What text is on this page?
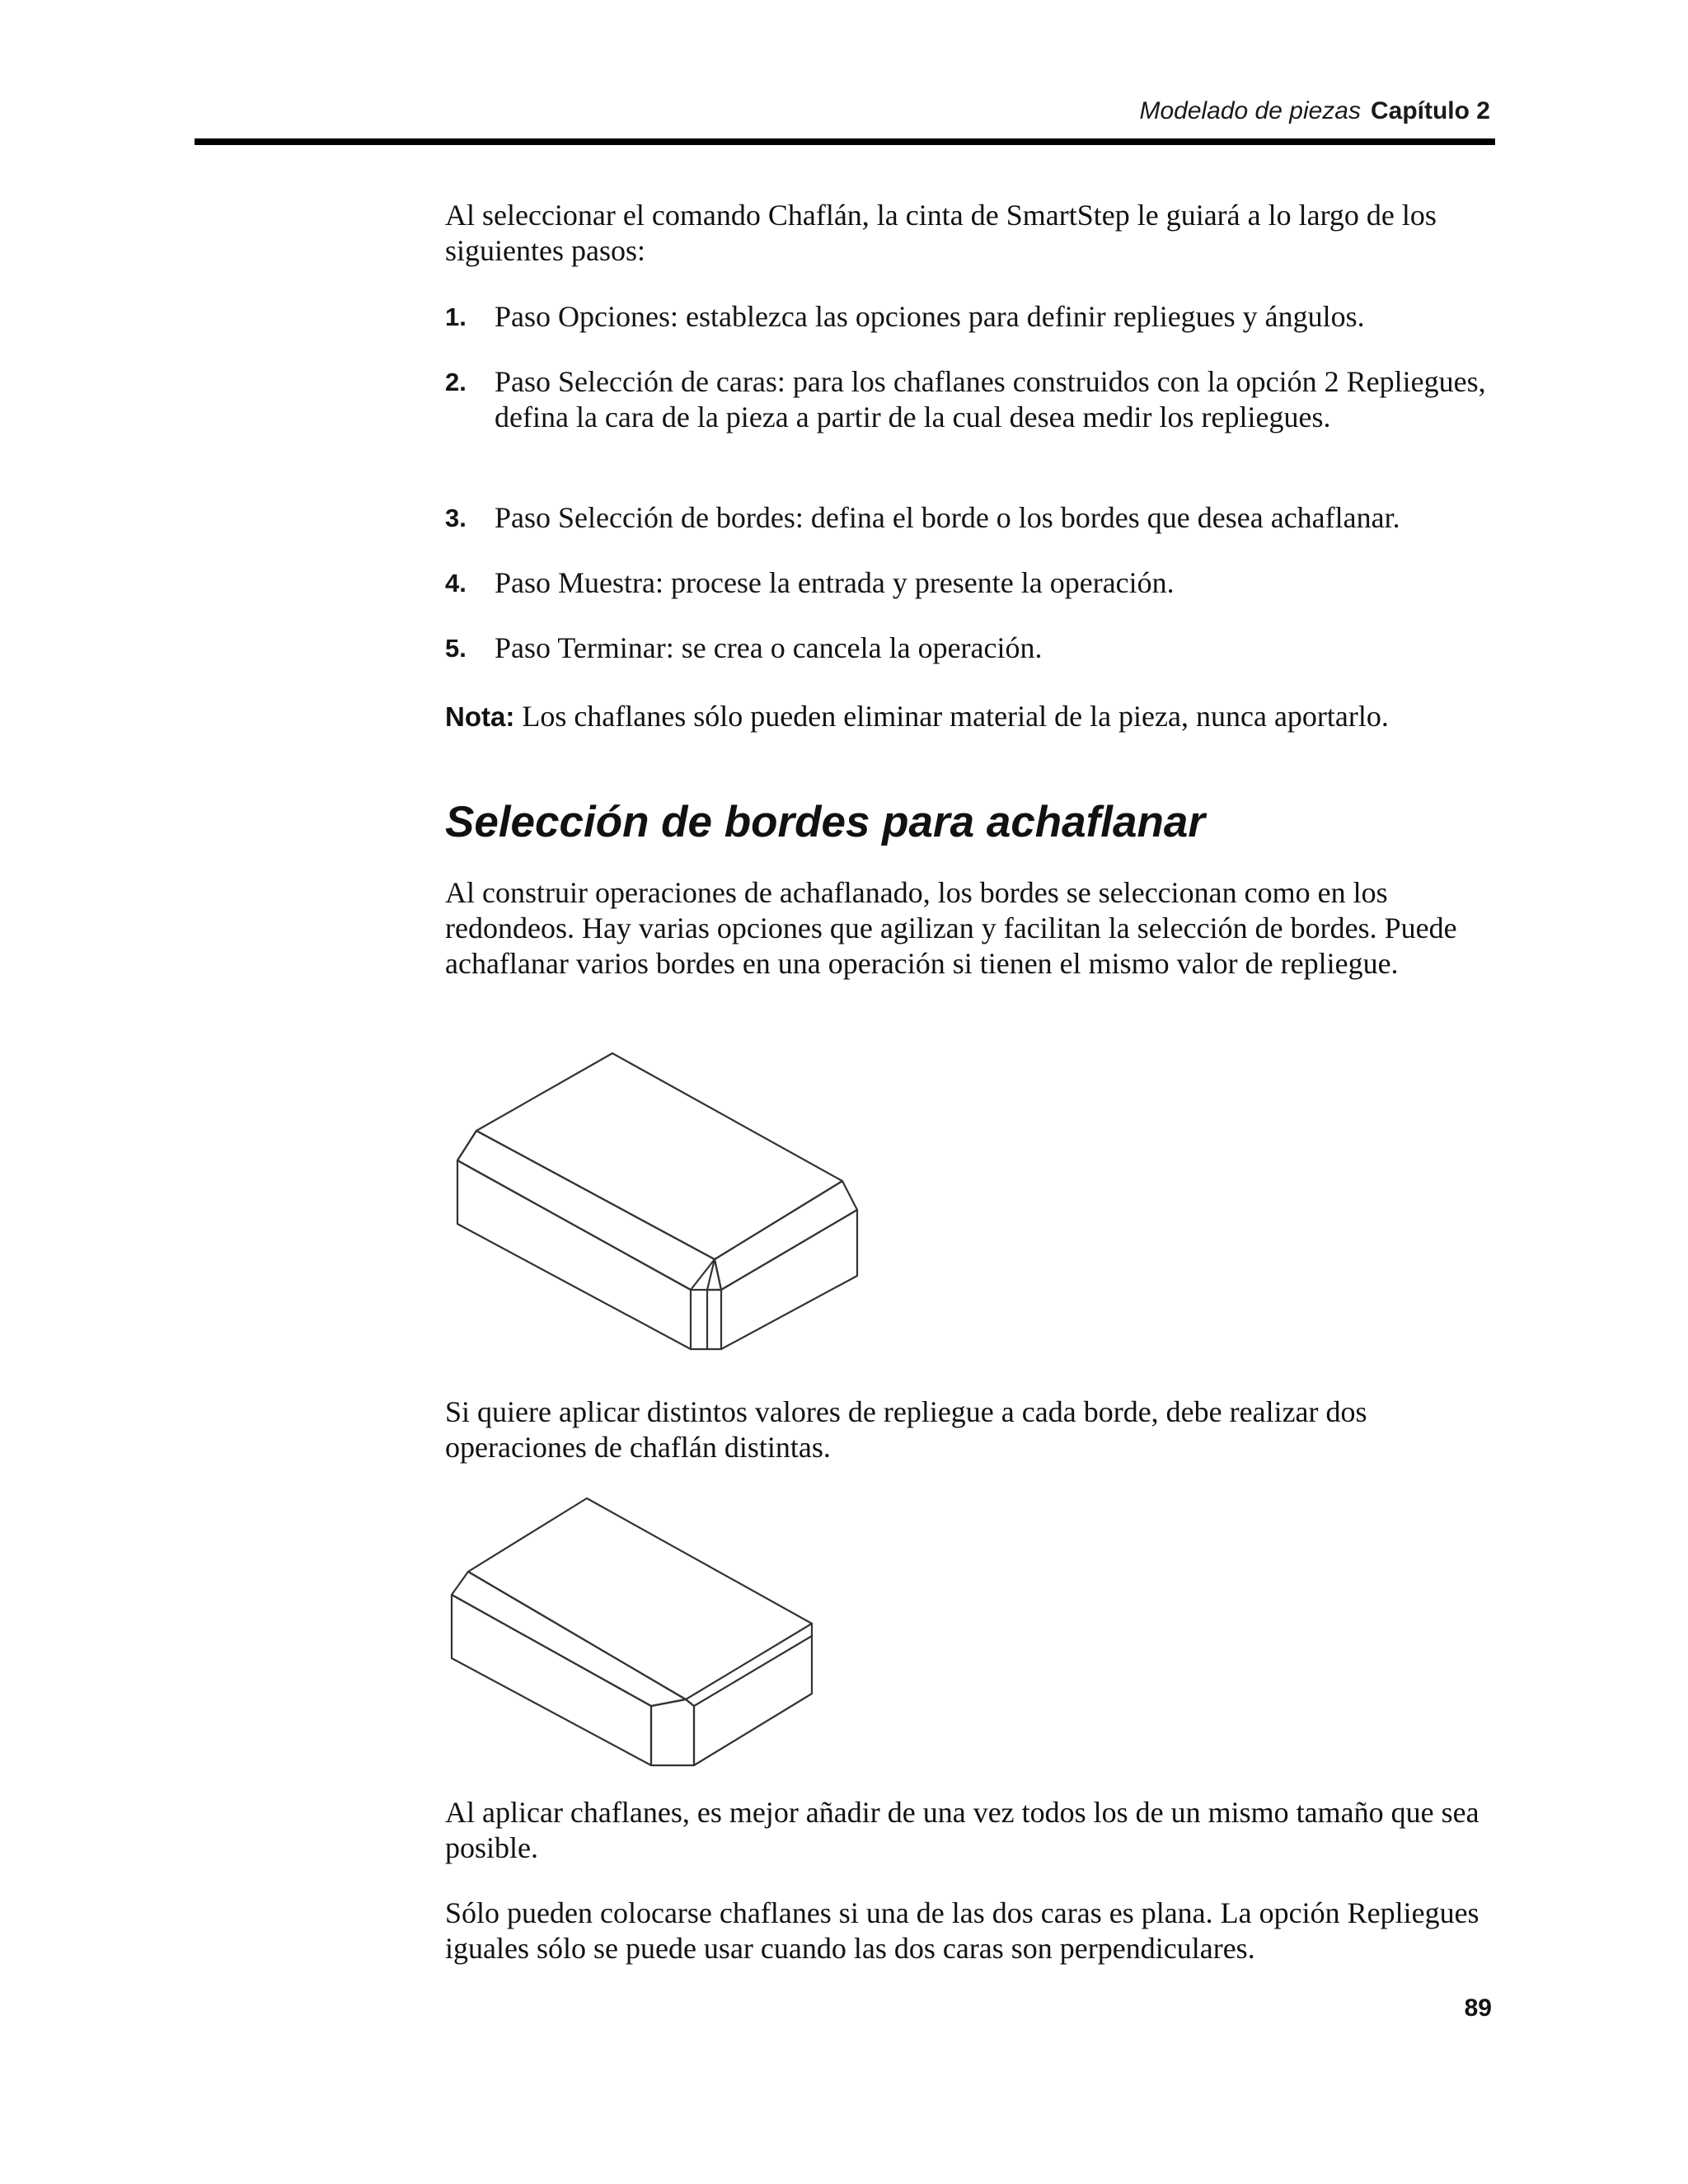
Modelado de piezas Capítulo 2

Al seleccionar el comando Chaflán, la cinta de SmartStep le guiará a lo largo de los siguientes pasos:

1. Paso Opciones: establezca las opciones para definir repliegues y ángulos.
2. Paso Selección de caras: para los chaflanes construidos con la opción 2 Repliegues, defina la cara de la pieza a partir de la cual desea medir los repliegues.
3. Paso Selección de bordes: defina el borde o los bordes que desea achaflanar.
4. Paso Muestra: procese la entrada y presente la operación.
5. Paso Terminar: se crea o cancela la operación.
Nota: Los chaflanes sólo pueden eliminar material de la pieza, nunca aportarlo.
Selección de bordes para achaflanar

Al construir operaciones de achaflanado, los bordes se seleccionan como en los redondeos. Hay varias opciones que agilizan y facilitan la selección de bordes. Puede achaflanar varios bordes en una operación si tienen el mismo valor de repliegue.

Si quiere aplicar distintos valores de repliegue a cada borde, debe realizar dos operaciones de chaflán distintas.

Al aplicar chaflanes, es mejor añadir de una vez todos los de un mismo tamaño que sea posible.

Sólo pueden colocarse chaflanes si una de las dos caras es plana. La opción Repliegues iguales sólo se puede usar cuando las dos caras son perpendiculares.

89
